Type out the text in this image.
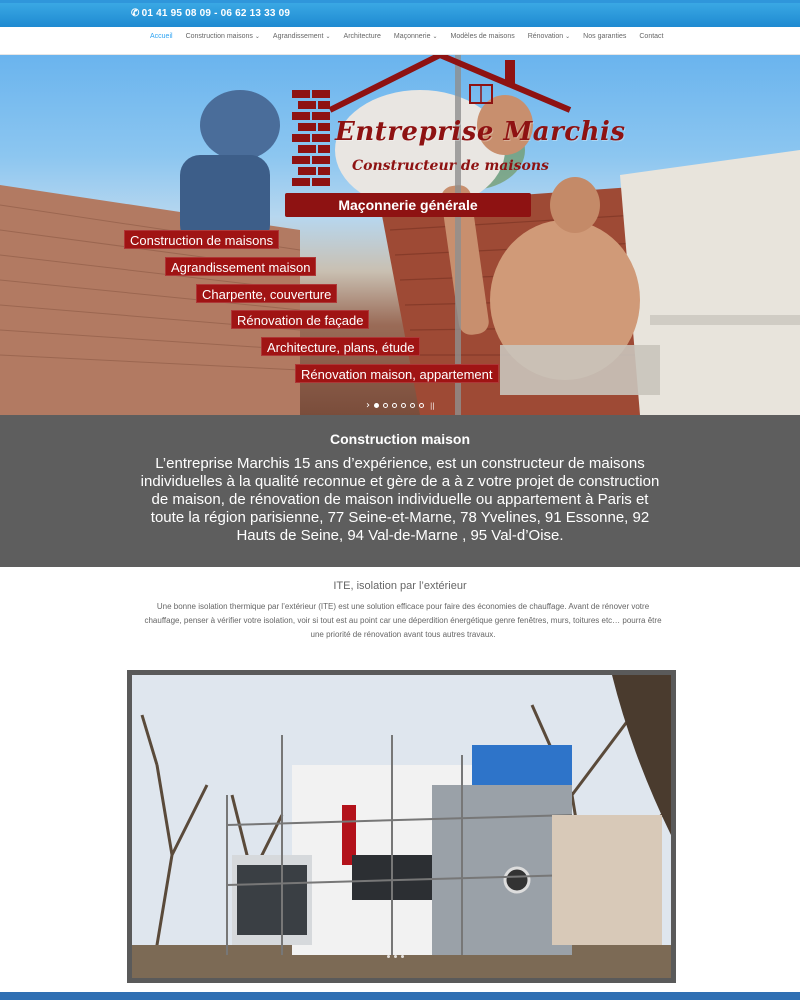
✆ 01 41 95 08 09 - 06 62 13 33 09
Accueil Construction maisons ⌄ Agrandissement ⌄ Architecture Maçonnerie ⌄ Modèles de maisons Rénovation ⌄ Nos garanties Contact
Entreprise Marchis
Constructeur de maisons
Maçonnerie générale
Construction de maisons
Agrandissement maison
Charpente, couverture
Rénovation de façade
Architecture, plans, étude
Rénovation maison, appartement
›	||
Construction maison

L’entreprise Marchis 15 ans d’expérience, est un constructeur de maisons individuelles à la qualité reconnue et gère de a à z votre projet de construction de maison, de rénovation de maison individuelle ou appartement à Paris et toute la région parisienne, 77 Seine-et-Marne, 78 Yvelines, 91 Essonne, 92 Hauts de Seine, 94 Val-de-Marne , 95 Val-d’Oise.

ITE, isolation par l’extérieur
Une bonne isolation thermique par l’extérieur (ITE) est une solution efficace pour faire des économies de chauffage. Avant de rénover votre chauffage, penser à vérifier votre isolation, voir si tout est au point car une déperdition énergétique genre fenêtres, murs, toitures etc… pourra être une priorité de rénovation avant tous autres travaux.
